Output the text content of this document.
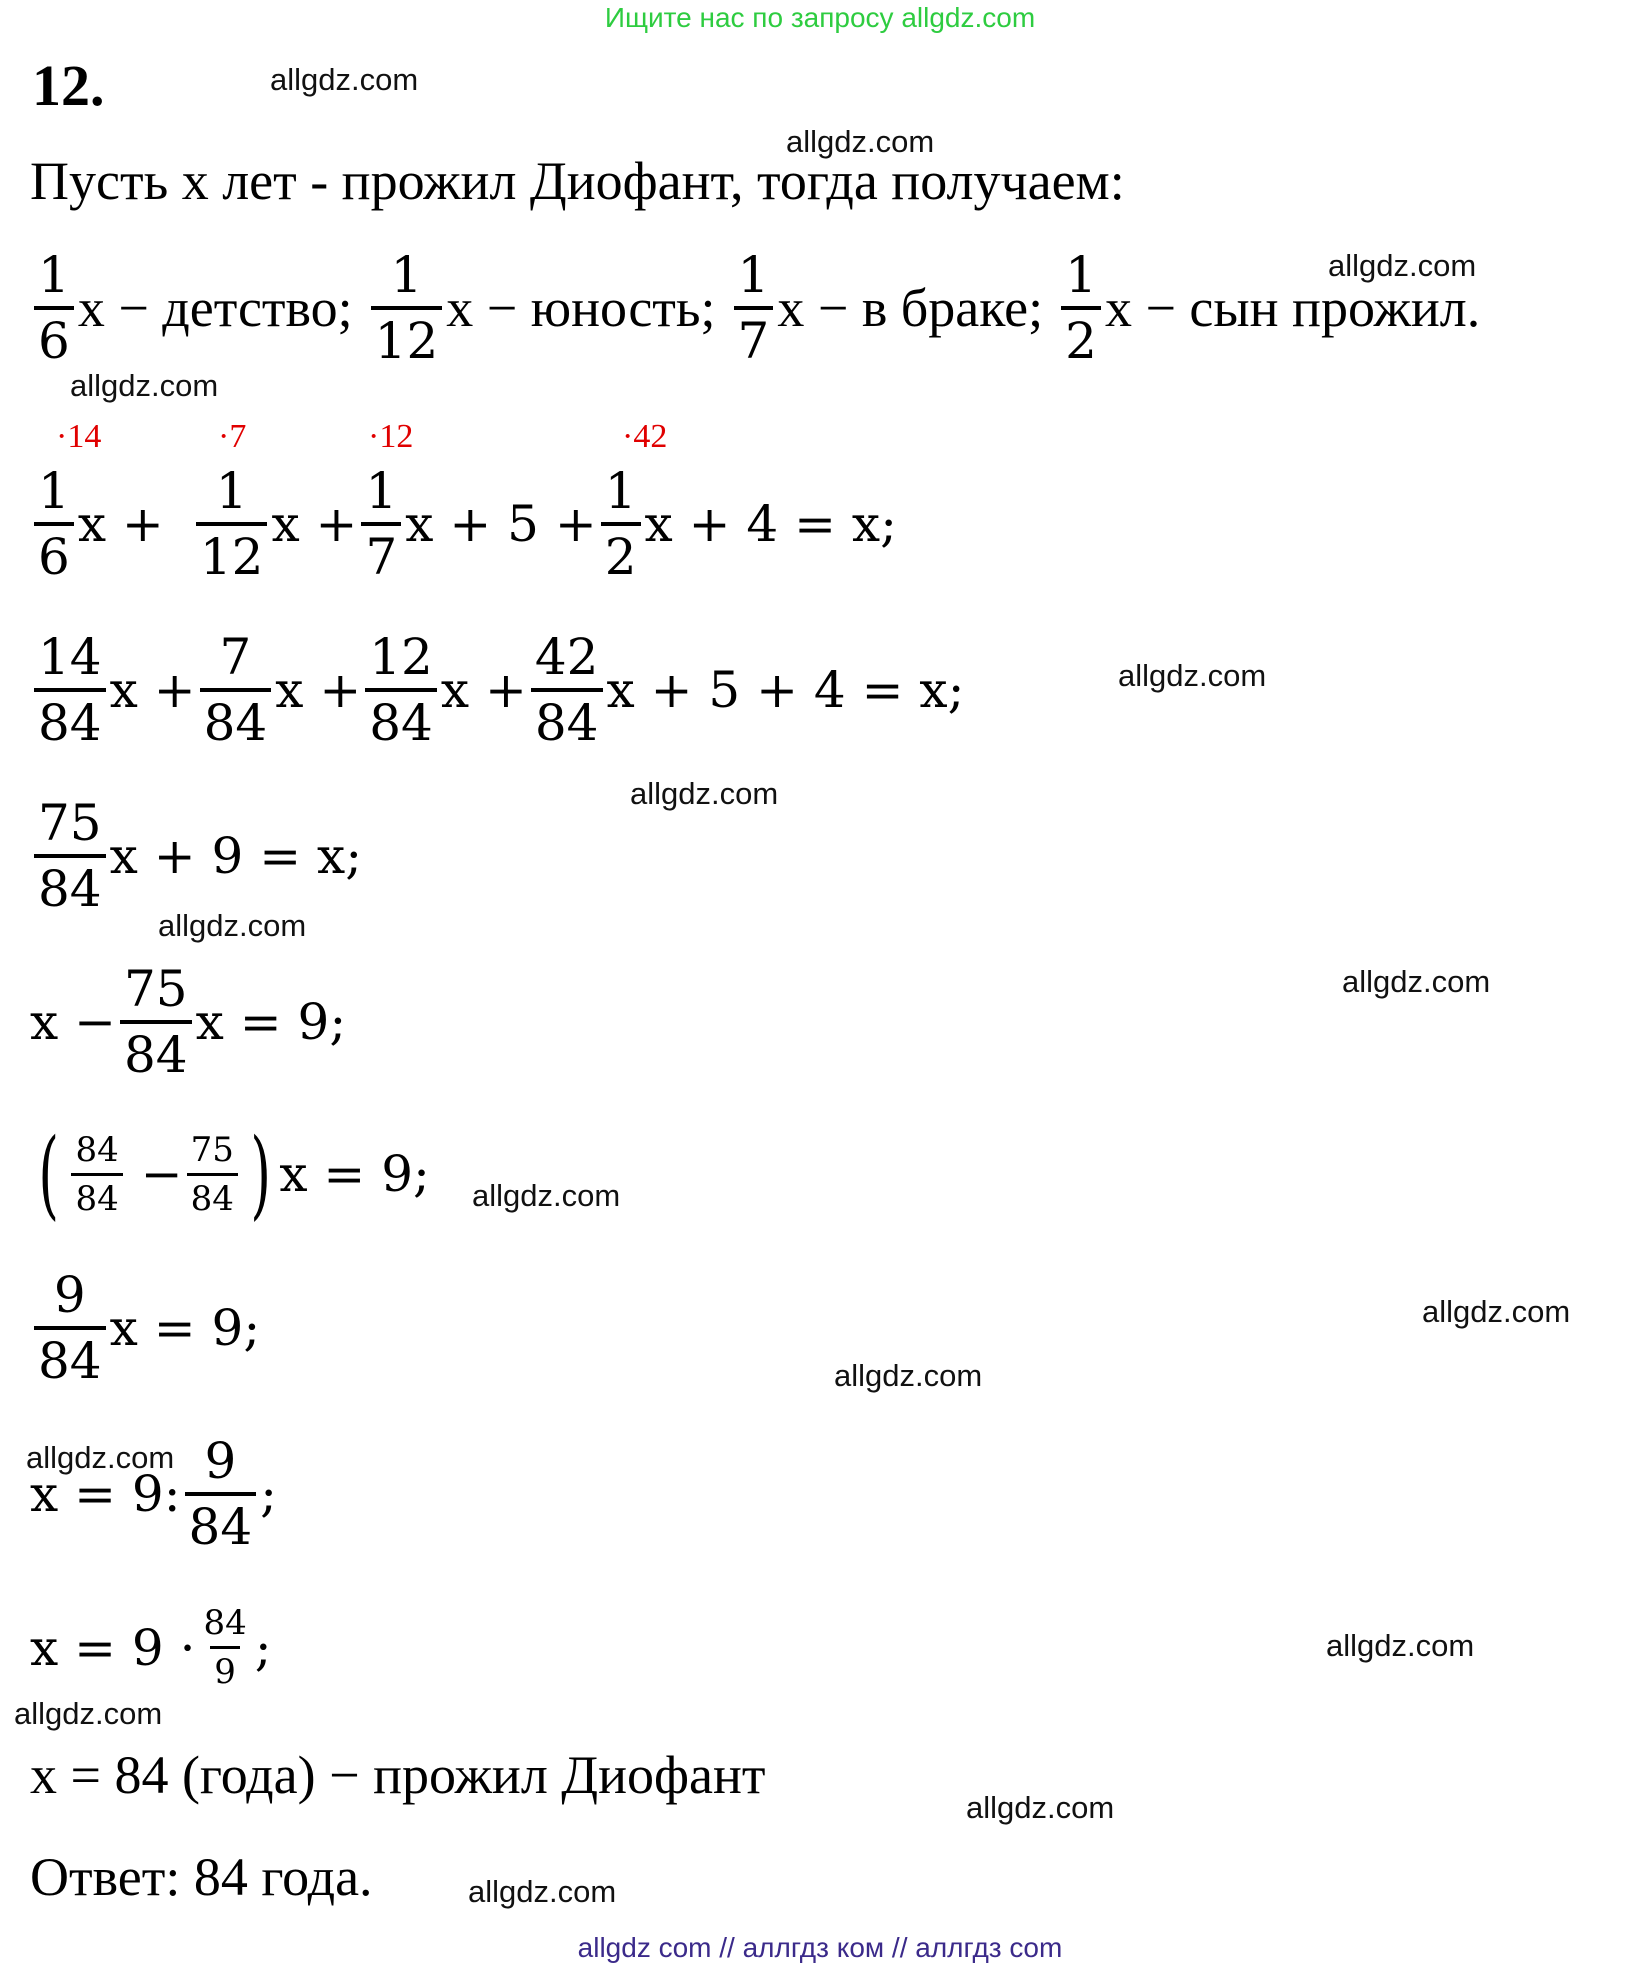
Ищите нас по запросу allgdz.com
12.
Пусть x лет - прожил Диофант, тогда получаем:
$\frac{1}{6}$ x − детство; $\frac{1}{12}$ x − юность; $\frac{1}{7}$ x − в браке; $\frac{1}{2}$ x − сын прожил.
·14	·7	·12	·42
$\frac{1}{6}$ $x + \frac{1}{12}$ $x + \frac{1}{7}$ $x + 5 + \frac{1}{2}$ x + 4 = x;
$\frac{14}{84}$ $x + \frac{7}{84}$ $x + \frac{12}{84}$ $x + \frac{42}{84}$ x + 5 + 4 = x;
$\frac{75}{84}$ x + 9 = x;
$x - \frac{75}{84}$ x = 9;
( $\frac{84}{84} - \frac{75}{84}$ ) x = 9;
$\frac{9}{84}$ x = 9;
x = 9: $\frac{9}{84}$ ;
$x = 9 \cdot \frac{84}{9}$ ;
x = 84 (года) − прожил Диофант
Ответ: 84 года.
allgdz.com
allgdz.com
allgdz.com
allgdz.com
allgdz.com
allgdz.com
allgdz.com
allgdz.com
allgdz.com
allgdz.com
allgdz.com
allgdz.com
allgdz.com
allgdz.com
allgdz.com
allgdz.com
allgdz com // аллгдз ком // аллгдз com
